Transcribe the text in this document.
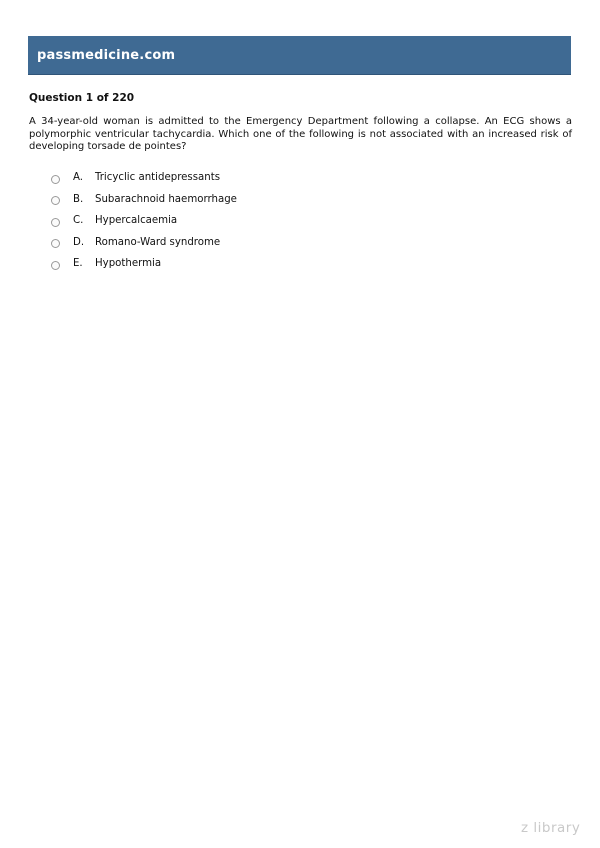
passmedicine.com
Question 1 of 220
A 34-year-old woman is admitted to the Emergency Department following a collapse. An ECG shows a polymorphic ventricular tachycardia. Which one of the following is not associated with an increased risk of developing torsade de pointes?
A.	Tricyclic antidepressants
B.	Subarachnoid haemorrhage
C.	Hypercalcaemia
D.	Romano-Ward syndrome
E.	Hypothermia
z library
